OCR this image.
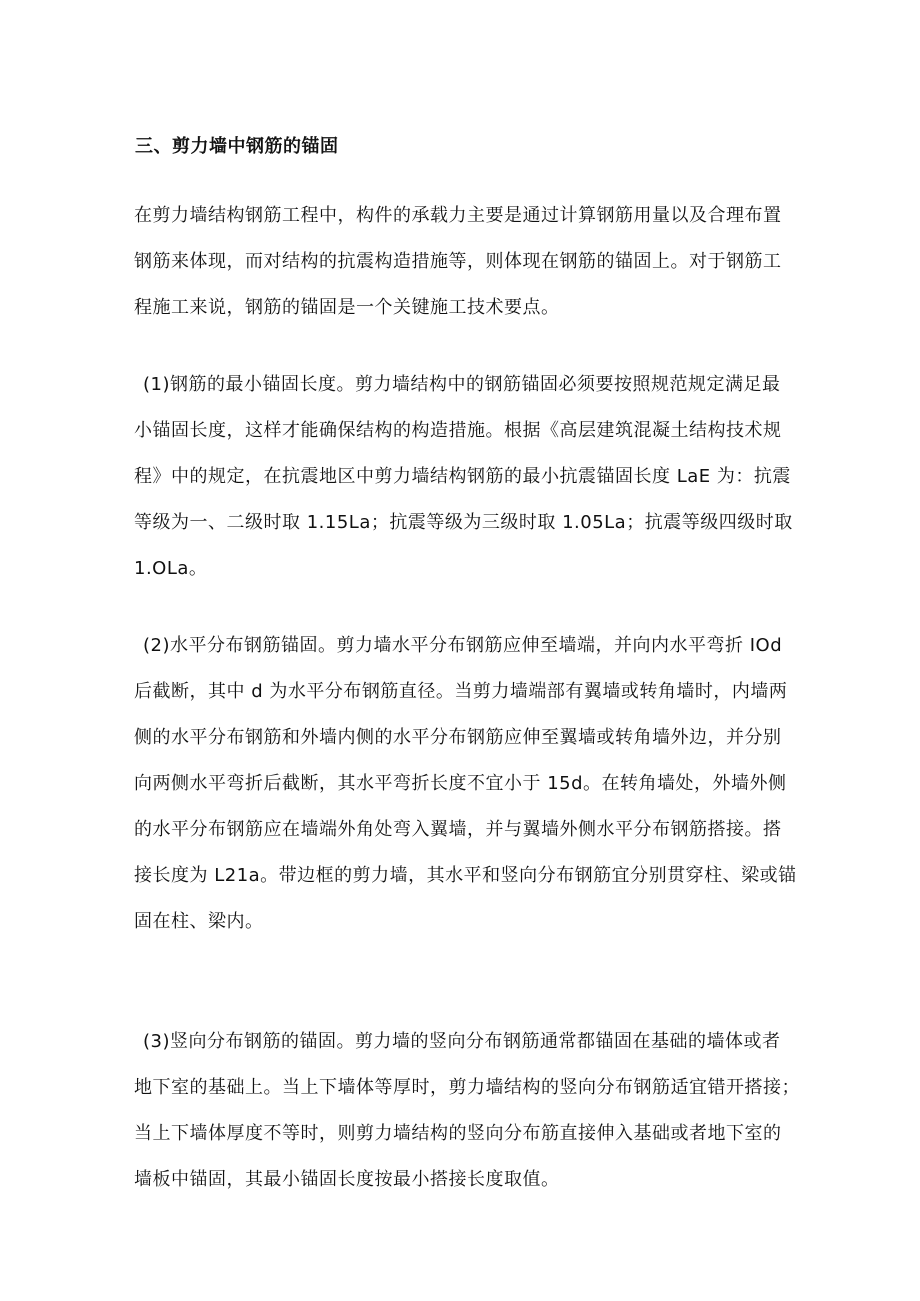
三、剪力墙中钢筋的锚固
在剪力墙结构钢筋工程中，构件的承载力主要是通过计算钢筋用量以及合理布置
钢筋来体现，而对结构的抗震构造措施等，则体现在钢筋的锚固上。对于钢筋工
程施工来说，钢筋的锚固是一个关键施工技术要点。
(1)钢筋的最小锚固长度。剪力墙结构中的钢筋锚固必须要按照规范规定满足最
小锚固长度，这样才能确保结构的构造措施。根据《高层建筑混凝土结构技术规
程》中的规定，在抗震地区中剪力墙结构钢筋的最小抗震锚固长度 LaE 为：抗震
等级为一、二级时取 1.15La；抗震等级为三级时取 1.05La；抗震等级四级时取
1.OLa。
(2)水平分布钢筋锚固。剪力墙水平分布钢筋应伸至墙端，并向内水平弯折 IOd
后截断，其中 d 为水平分布钢筋直径。当剪力墙端部有翼墙或转角墙时，内墙两
侧的水平分布钢筋和外墙内侧的水平分布钢筋应伸至翼墙或转角墙外边，并分别
向两侧水平弯折后截断，其水平弯折长度不宜小于 15d。在转角墙处，外墙外侧
的水平分布钢筋应在墙端外角处弯入翼墙，并与翼墙外侧水平分布钢筋搭接。搭
接长度为 L21a。带边框的剪力墙，其水平和竖向分布钢筋宜分别贯穿柱、梁或锚
固在柱、梁内。
(3)竖向分布钢筋的锚固。剪力墙的竖向分布钢筋通常都锚固在基础的墙体或者
地下室的基础上。当上下墙体等厚时，剪力墙结构的竖向分布钢筋适宜错开搭接；
当上下墙体厚度不等时，则剪力墙结构的竖向分布筋直接伸入基础或者地下室的
墙板中锚固，其最小锚固长度按最小搭接长度取值。
